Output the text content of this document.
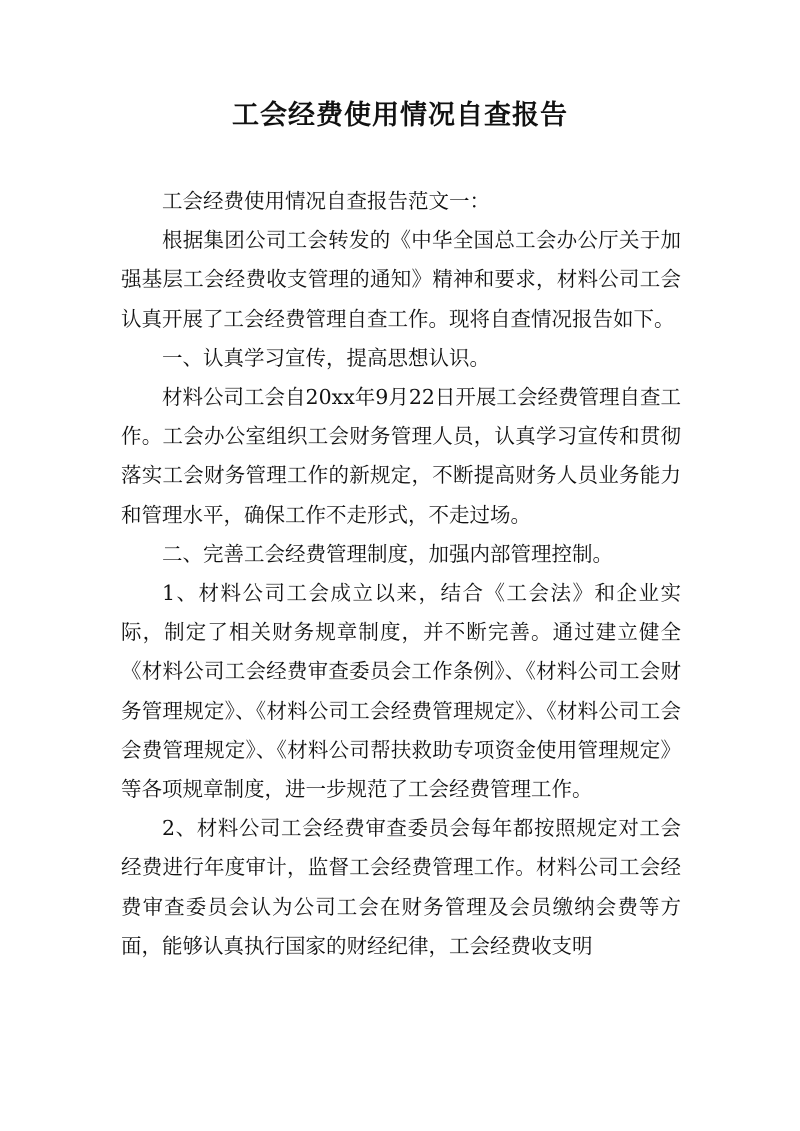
工会经费使用情况自查报告

工会经费使用情况自查报告范文一：

根据集团公司工会转发的《中华全国总工会办公厅关于加强基层工会经费收支管理的通知》精神和要求，材料公司工会认真开展了工会经费管理自查工作。现将自查情况报告如下。

一、认真学习宣传，提高思想认识。

材料公司工会自20xx年9月22日开展工会经费管理自查工作。工会办公室组织工会财务管理人员，认真学习宣传和贯彻落实工会财务管理工作的新规定，不断提高财务人员业务能力和管理水平，确保工作不走形式，不走过场。

二、完善工会经费管理制度，加强内部管理控制。

1、材料公司工会成立以来，结合《工会法》和企业实际，制定了相关财务规章制度，并不断完善。通过建立健全《材料公司工会经费审查委员会工作条例》、《材料公司工会财务管理规定》、《材料公司工会经费管理规定》、《材料公司工会会费管理规定》、《材料公司帮扶救助专项资金使用管理规定》等各项规章制度，进一步规范了工会经费管理工作。

2、材料公司工会经费审查委员会每年都按照规定对工会经费进行年度审计，监督工会经费管理工作。材料公司工会经费审查委员会认为公司工会在财务管理及会员缴纳会费等方面，能够认真执行国家的财经纪律，工会经费收支明
